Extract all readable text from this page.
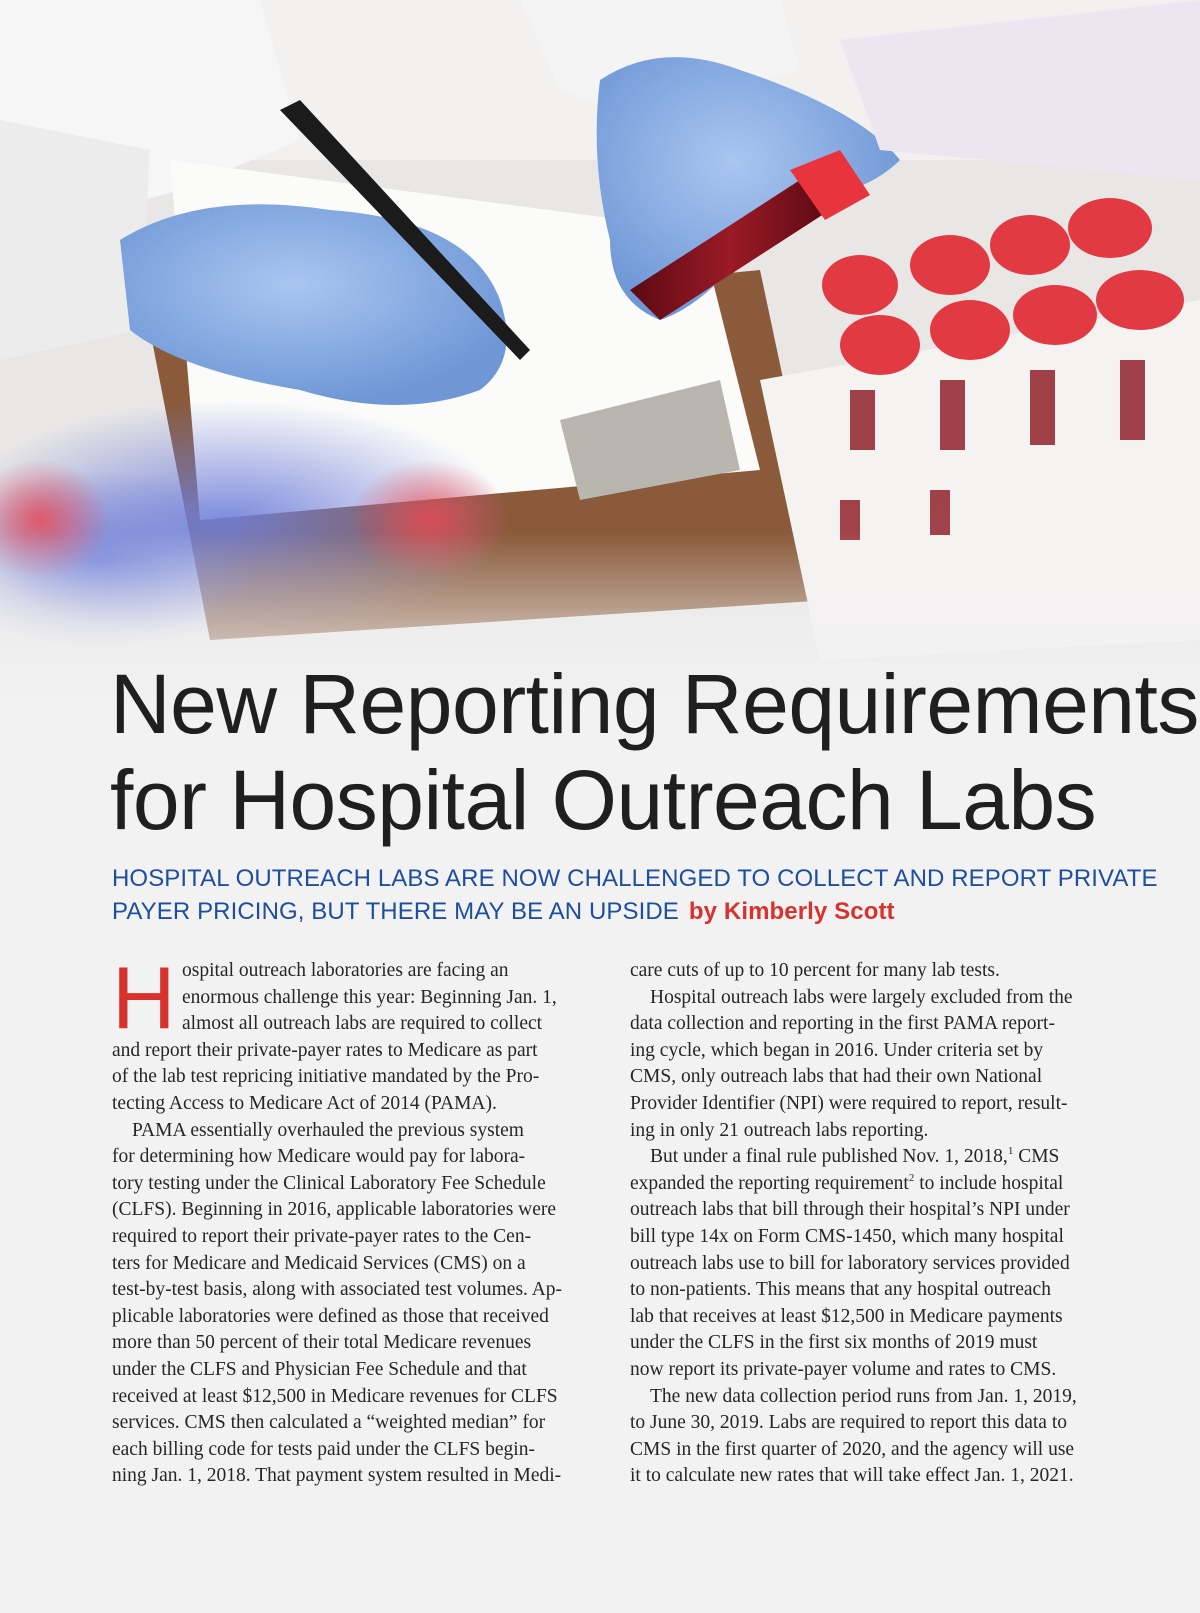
New Reporting Requirements
for Hospital Outreach Labs
HOSPITAL OUTREACH LABS ARE NOW CHALLENGED TO COLLECT AND REPORT PRIVATE
PAYER PRICING, BUT THERE MAY BE AN UPSIDE by Kimberly Scott
H ospital outreach laboratories are facing an

enormous challenge this year: Beginning Jan. 1,

almost all outreach labs are required to collect

and report their private-payer rates to Medicare as part

of the lab test repricing initiative mandated by the Pro-

tecting Access to Medicare Act of 2014 (PAMA).

PAMA essentially overhauled the previous system

for determining how Medicare would pay for labora-

tory testing under the Clinical Laboratory Fee Schedule

(CLFS). Beginning in 2016, applicable laboratories were

required to report their private-payer rates to the Cen-

ters for Medicare and Medicaid Services (CMS) on a

test-by-test basis, along with associated test volumes. Ap-

plicable laboratories were defined as those that received

more than 50 percent of their total Medicare revenues

under the CLFS and Physician Fee Schedule and that

received at least $12,500 in Medicare revenues for CLFS

services. CMS then calculated a “weighted median” for

each billing code for tests paid under the CLFS begin-

ning Jan. 1, 2018. That payment system resulted in Medi-

care cuts of up to 10 percent for many lab tests.

Hospital outreach labs were largely excluded from the

data collection and reporting in the first PAMA report-

ing cycle, which began in 2016. Under criteria set by

CMS, only outreach labs that had their own National

Provider Identifier (NPI) were required to report, result-

ing in only 21 outreach labs reporting.

But under a final rule published Nov. 1, 2018,$^1$ CMS

expanded the reporting requirement$^2$ to include hospital

outreach labs that bill through their hospital’s NPI under

bill type 14x on Form CMS-1450, which many hospital

outreach labs use to bill for laboratory services provided

to non-patients. This means that any hospital outreach

lab that receives at least $12,500 in Medicare payments

under the CLFS in the first six months of 2019 must

now report its private-payer volume and rates to CMS.

The new data collection period runs from Jan. 1, 2019,

to June 30, 2019. Labs are required to report this data to

CMS in the first quarter of 2020, and the agency will use

it to calculate new rates that will take effect Jan. 1, 2021.
